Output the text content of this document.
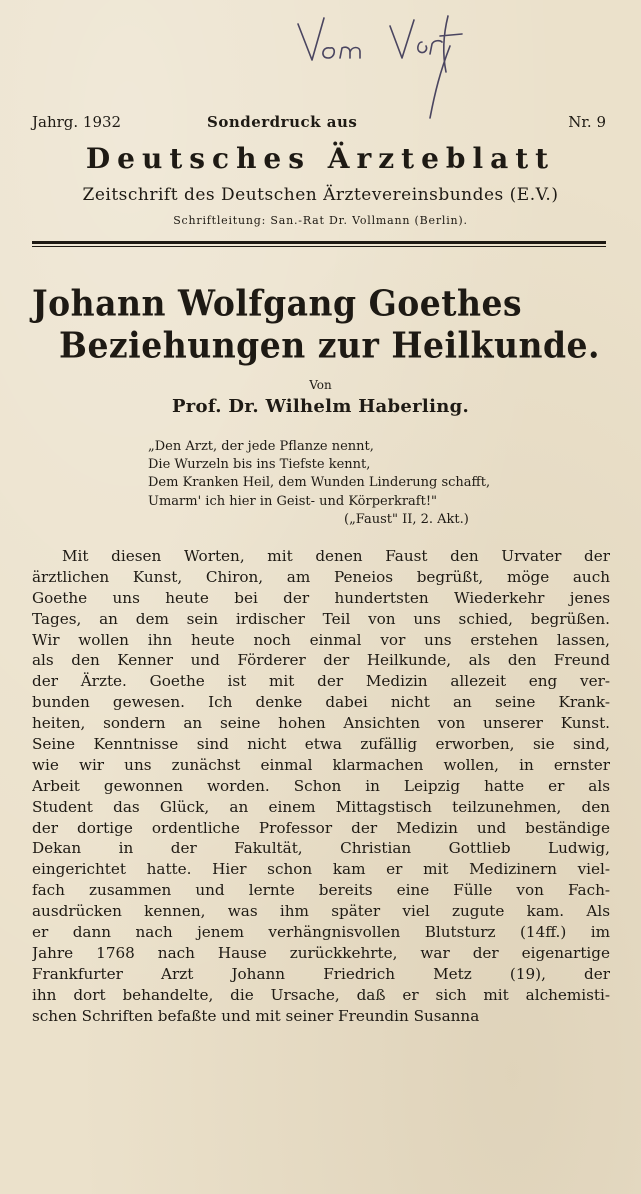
Jahrg. 1932	Sonderdruck aus	Nr. 9
Deutsches Ärzteblatt
Zeitschrift des Deutschen Ärztevereinsbundes (E.V.)
Schriftleitung: San.-Rat Dr. Vollmann (Berlin).
Johann Wolfgang Goethes
Beziehungen zur Heilkunde.
Von
Prof. Dr. Wilhelm Haberling.
„Den Arzt, der jede Pflanze nennt,
Die Wurzeln bis ins Tiefste kennt,
Dem Kranken Heil, dem Wunden Linderung schafft,
Umarm' ich hier in Geist- und Körperkraft!"
(„Faust" II, 2. Akt.)
Mit diesen Worten, mit denen Faust den Urvater der
ärztlichen Kunst, Chiron, am Peneios begrüßt, möge auch
Goethe uns heute bei der hundertsten Wiederkehr jenes
Tages, an dem sein irdischer Teil von uns schied, begrüßen.
Wir wollen ihn heute noch einmal vor uns erstehen lassen,
als den Kenner und Förderer der Heilkunde, als den Freund
der Ärzte. Goethe ist mit der Medizin allezeit eng ver-
bunden gewesen. Ich denke dabei nicht an seine Krank-
heiten, sondern an seine hohen Ansichten von unserer Kunst.
Seine Kenntnisse sind nicht etwa zufällig erworben, sie sind,
wie wir uns zunächst einmal klarmachen wollen, in ernster
Arbeit gewonnen worden. Schon in Leipzig hatte er als
Student das Glück, an einem Mittagstisch teilzunehmen, den
der dortige ordentliche Professor der Medizin und beständige
Dekan in der Fakultät, Christian Gottlieb Ludwig,
eingerichtet hatte. Hier schon kam er mit Medizinern viel-
fach zusammen und lernte bereits eine Fülle von Fach-
ausdrücken kennen, was ihm später viel zugute kam. Als
er dann nach jenem verhängnisvollen Blutsturz (14ff.) im
Jahre 1768 nach Hause zurückkehrte, war der eigenartige
Frankfurter Arzt Johann Friedrich Metz (19), der
ihn dort behandelte, die Ursache, daß er sich mit alchemisti-
schen Schriften befaßte und mit seiner Freundin Susanna
